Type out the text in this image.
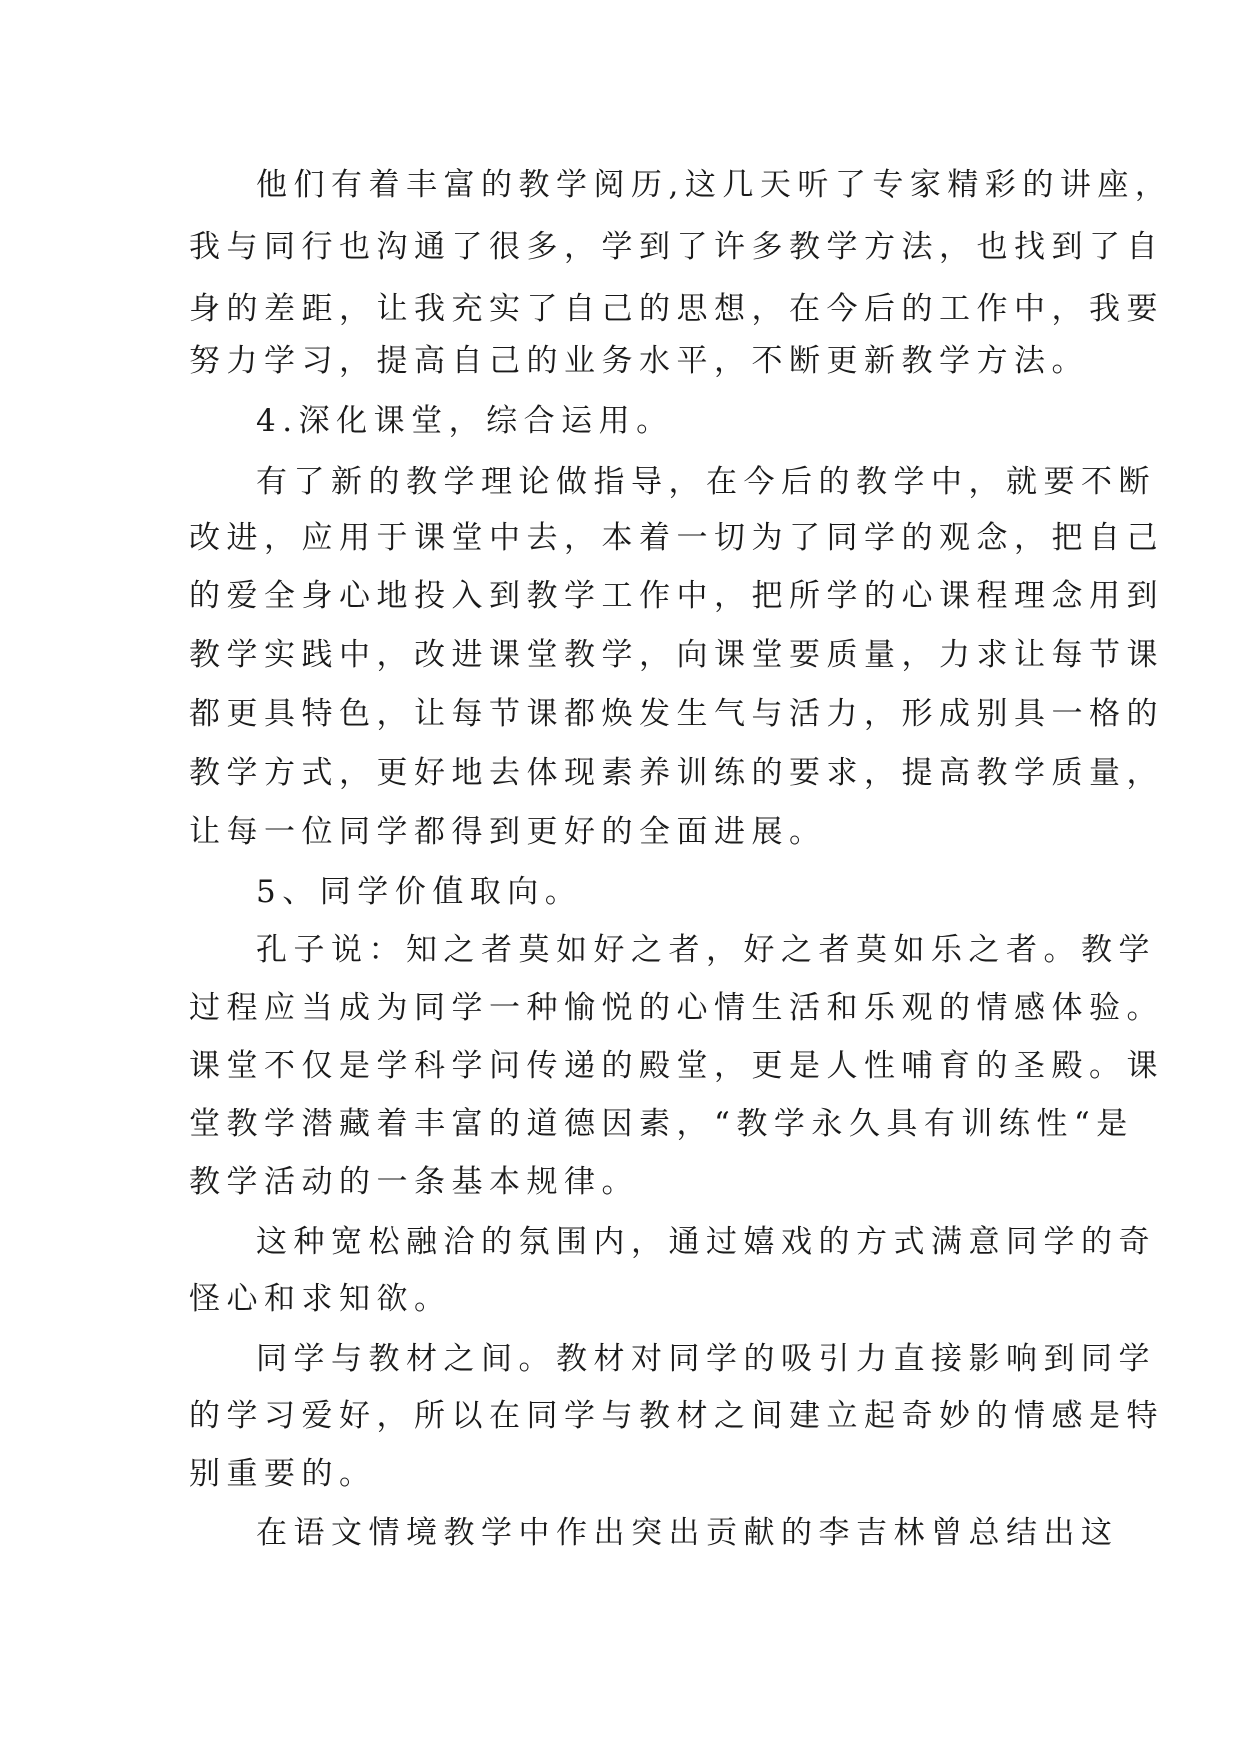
他们有着丰富的教学阅历,这几天听了专家精彩的讲座，
我与同行也沟通了很多，学到了许多教学方法，也找到了自
身的差距，让我充实了自己的思想，在今后的工作中，我要
努力学习，提高自己的业务水平，不断更新教学方法。
4.深化课堂，综合运用。
有了新的教学理论做指导，在今后的教学中，就要不断
改进，应用于课堂中去，本着一切为了同学的观念，把自己
的爱全身心地投入到教学工作中，把所学的心课程理念用到
教学实践中，改进课堂教学，向课堂要质量，力求让每节课
都更具特色，让每节课都焕发生气与活力，形成别具一格的
教学方式，更好地去体现素养训练的要求，提高教学质量，
让每一位同学都得到更好的全面进展。
5、同学价值取向。
孔子说：知之者莫如好之者，好之者莫如乐之者。教学
过程应当成为同学一种愉悦的心情生活和乐观的情感体验。
课堂不仅是学科学问传递的殿堂，更是人性哺育的圣殿。课
堂教学潜藏着丰富的道德因素，“教学永久具有训练性“是
教学活动的一条基本规律。
这种宽松融洽的氛围内，通过嬉戏的方式满意同学的奇
怪心和求知欲。
同学与教材之间。教材对同学的吸引力直接影响到同学
的学习爱好，所以在同学与教材之间建立起奇妙的情感是特
别重要的。
在语文情境教学中作出突出贡献的李吉林曾总结出这
